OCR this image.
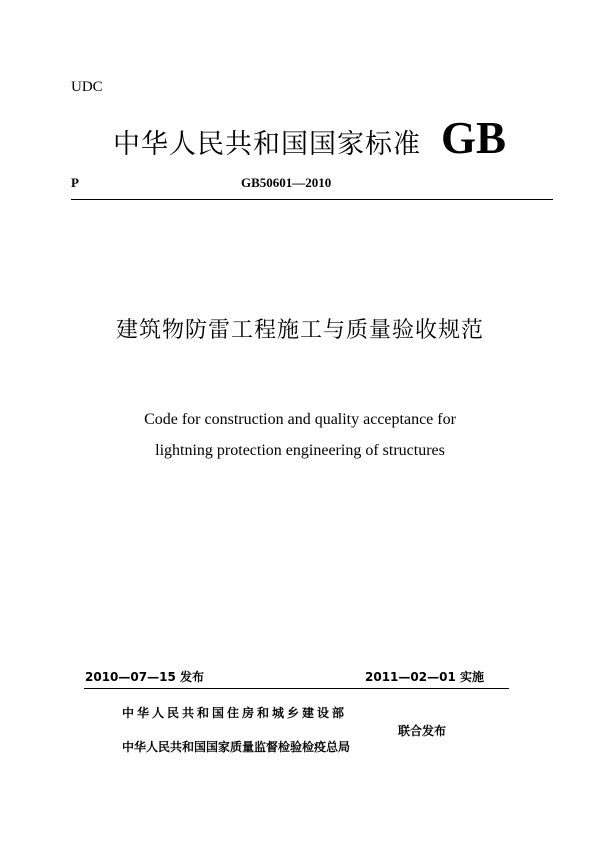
UDC
中华人民共和国国家标准 GB
P	GB50601—2010
建筑物防雷工程施工与质量验收规范
Code for construction and quality acceptance for
lightning protection engineering of structures
2010—07—15 发布	2011—02—01 实施
中华人民共和国住房和城乡建设部
中华人民共和国国家质量监督检验检疫总局
联合发布
